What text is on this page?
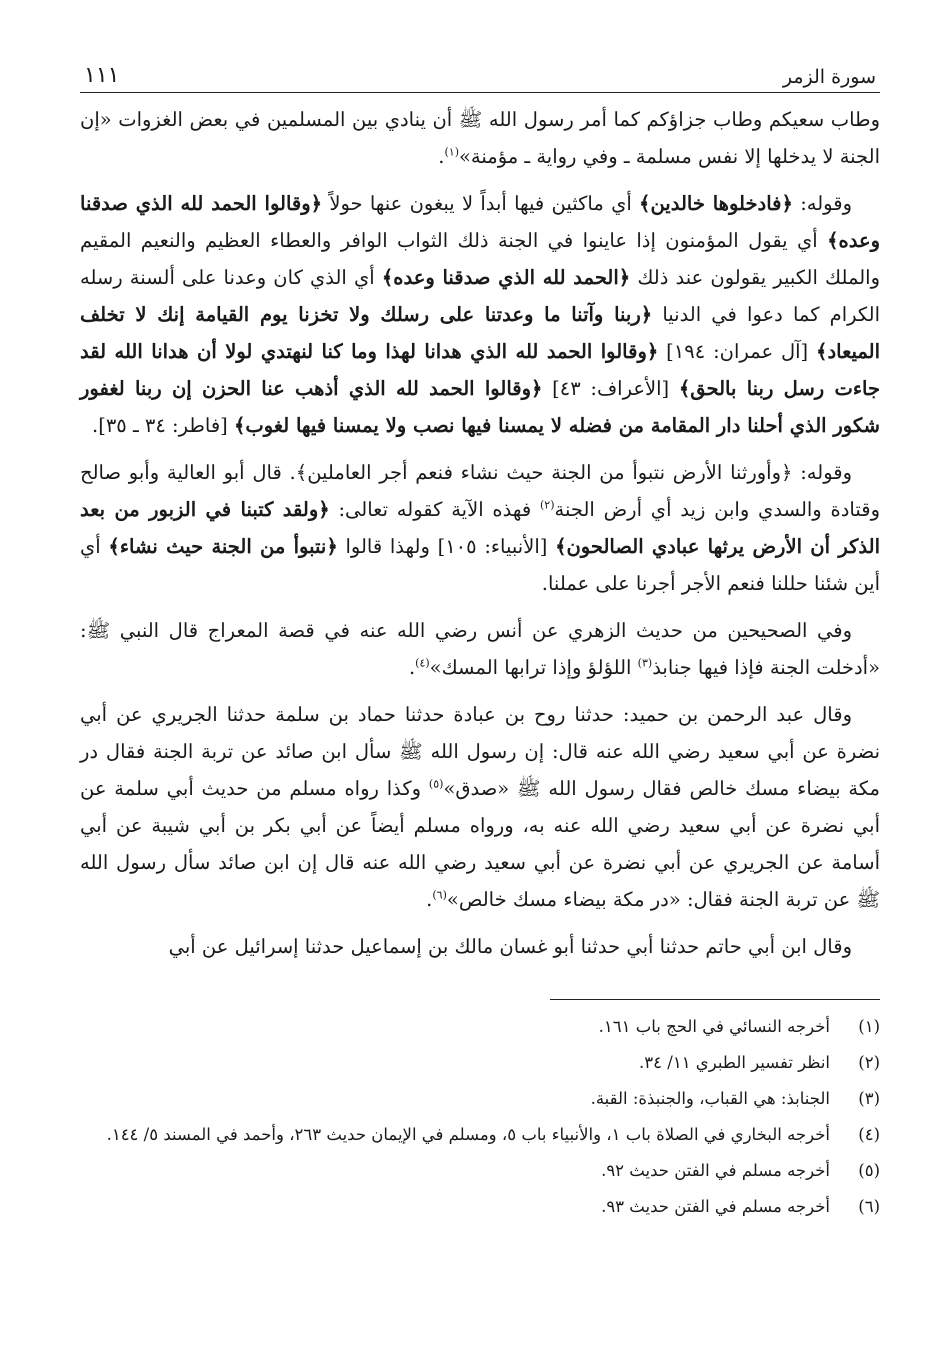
سورة الزمر
١١١

وطاب سعيكم وطاب جزاؤكم كما أمر رسول الله ﷺ أن ينادي بين المسلمين في بعض الغزوات «إن الجنة لا يدخلها إلا نفس مسلمة ـ وفي رواية ـ مؤمنة»$^{(١)}$.

وقوله: ﴿فادخلوها خالدين﴾ أي ماكثين فيها أبداً لا يبغون عنها حولاً ﴿وقالوا الحمد لله الذي صدقنا وعده﴾ أي يقول المؤمنون إذا عاينوا في الجنة ذلك الثواب الوافر والعطاء العظيم والنعيم المقيم والملك الكبير يقولون عند ذلك ﴿الحمد لله الذي صدقنا وعده﴾ أي الذي كان وعدنا على ألسنة رسله الكرام كما دعوا في الدنيا ﴿ربنا وآتنا ما وعدتنا على رسلك ولا تخزنا يوم القيامة إنك لا تخلف الميعاد﴾ [آل عمران: ١٩٤] ﴿وقالوا الحمد لله الذي هدانا لهذا وما كنا لنهتدي لولا أن هدانا الله لقد جاءت رسل ربنا بالحق﴾ [الأعراف: ٤٣] ﴿وقالوا الحمد لله الذي أذهب عنا الحزن إن ربنا لغفور شكور الذي أحلنا دار المقامة من فضله لا يمسنا فيها نصب ولا يمسنا فيها لغوب﴾ [فاطر: ٣٤ ـ ٣٥].

وقوله: ﴿وأورثنا الأرض نتبوأ من الجنة حيث نشاء فنعم أجر العاملين﴾. قال أبو العالية وأبو صالح وقتادة والسدي وابن زيد أي أرض الجنة$^{(٢)}$ فهذه الآية كقوله تعالى: ﴿ولقد كتبنا في الزبور من بعد الذكر أن الأرض يرثها عبادي الصالحون﴾ [الأنبياء: ١٠٥] ولهذا قالوا ﴿نتبوأ من الجنة حيث نشاء﴾ أي أين شئنا حللنا فنعم الأجر أجرنا على عملنا.

وفي الصحيحين من حديث الزهري عن أنس رضي الله عنه في قصة المعراج قال النبي ﷺ: «أدخلت الجنة فإذا فيها جنابذ$^{(٣)}$ اللؤلؤ وإذا ترابها المسك»$^{(٤)}$.

وقال عبد الرحمن بن حميد: حدثنا روح بن عبادة حدثنا حماد بن سلمة حدثنا الجريري عن أبي نضرة عن أبي سعيد رضي الله عنه قال: إن رسول الله ﷺ سأل ابن صائد عن تربة الجنة فقال در مكة بيضاء مسك خالص فقال رسول الله ﷺ «صدق»$^{(٥)}$ وكذا رواه مسلم من حديث أبي سلمة عن أبي نضرة عن أبي سعيد رضي الله عنه به، ورواه مسلم أيضاً عن أبي بكر بن أبي شيبة عن أبي أسامة عن الجريري عن أبي نضرة عن أبي سعيد رضي الله عنه قال إن ابن صائد سأل رسول الله ﷺ عن تربة الجنة فقال: «در مكة بيضاء مسك خالص»$^{(٦)}$.

وقال ابن أبي حاتم حدثنا أبي حدثنا أبو غسان مالك بن إسماعيل حدثنا إسرائيل عن أبي

(١)
أخرجه النسائي في الحج باب ١٦١.
(٢)
انظر تفسير الطبري ١١/ ٣٤.
(٣)
الجنابذ: هي القباب، والجنبذة: القبة.
(٤)
أخرجه البخاري في الصلاة باب ١، والأنبياء باب ٥، ومسلم في الإيمان حديث ٢٦٣، وأحمد في المسند ٥/ ١٤٤.
(٥)
أخرجه مسلم في الفتن حديث ٩٢.
(٦)
أخرجه مسلم في الفتن حديث ٩٣.
